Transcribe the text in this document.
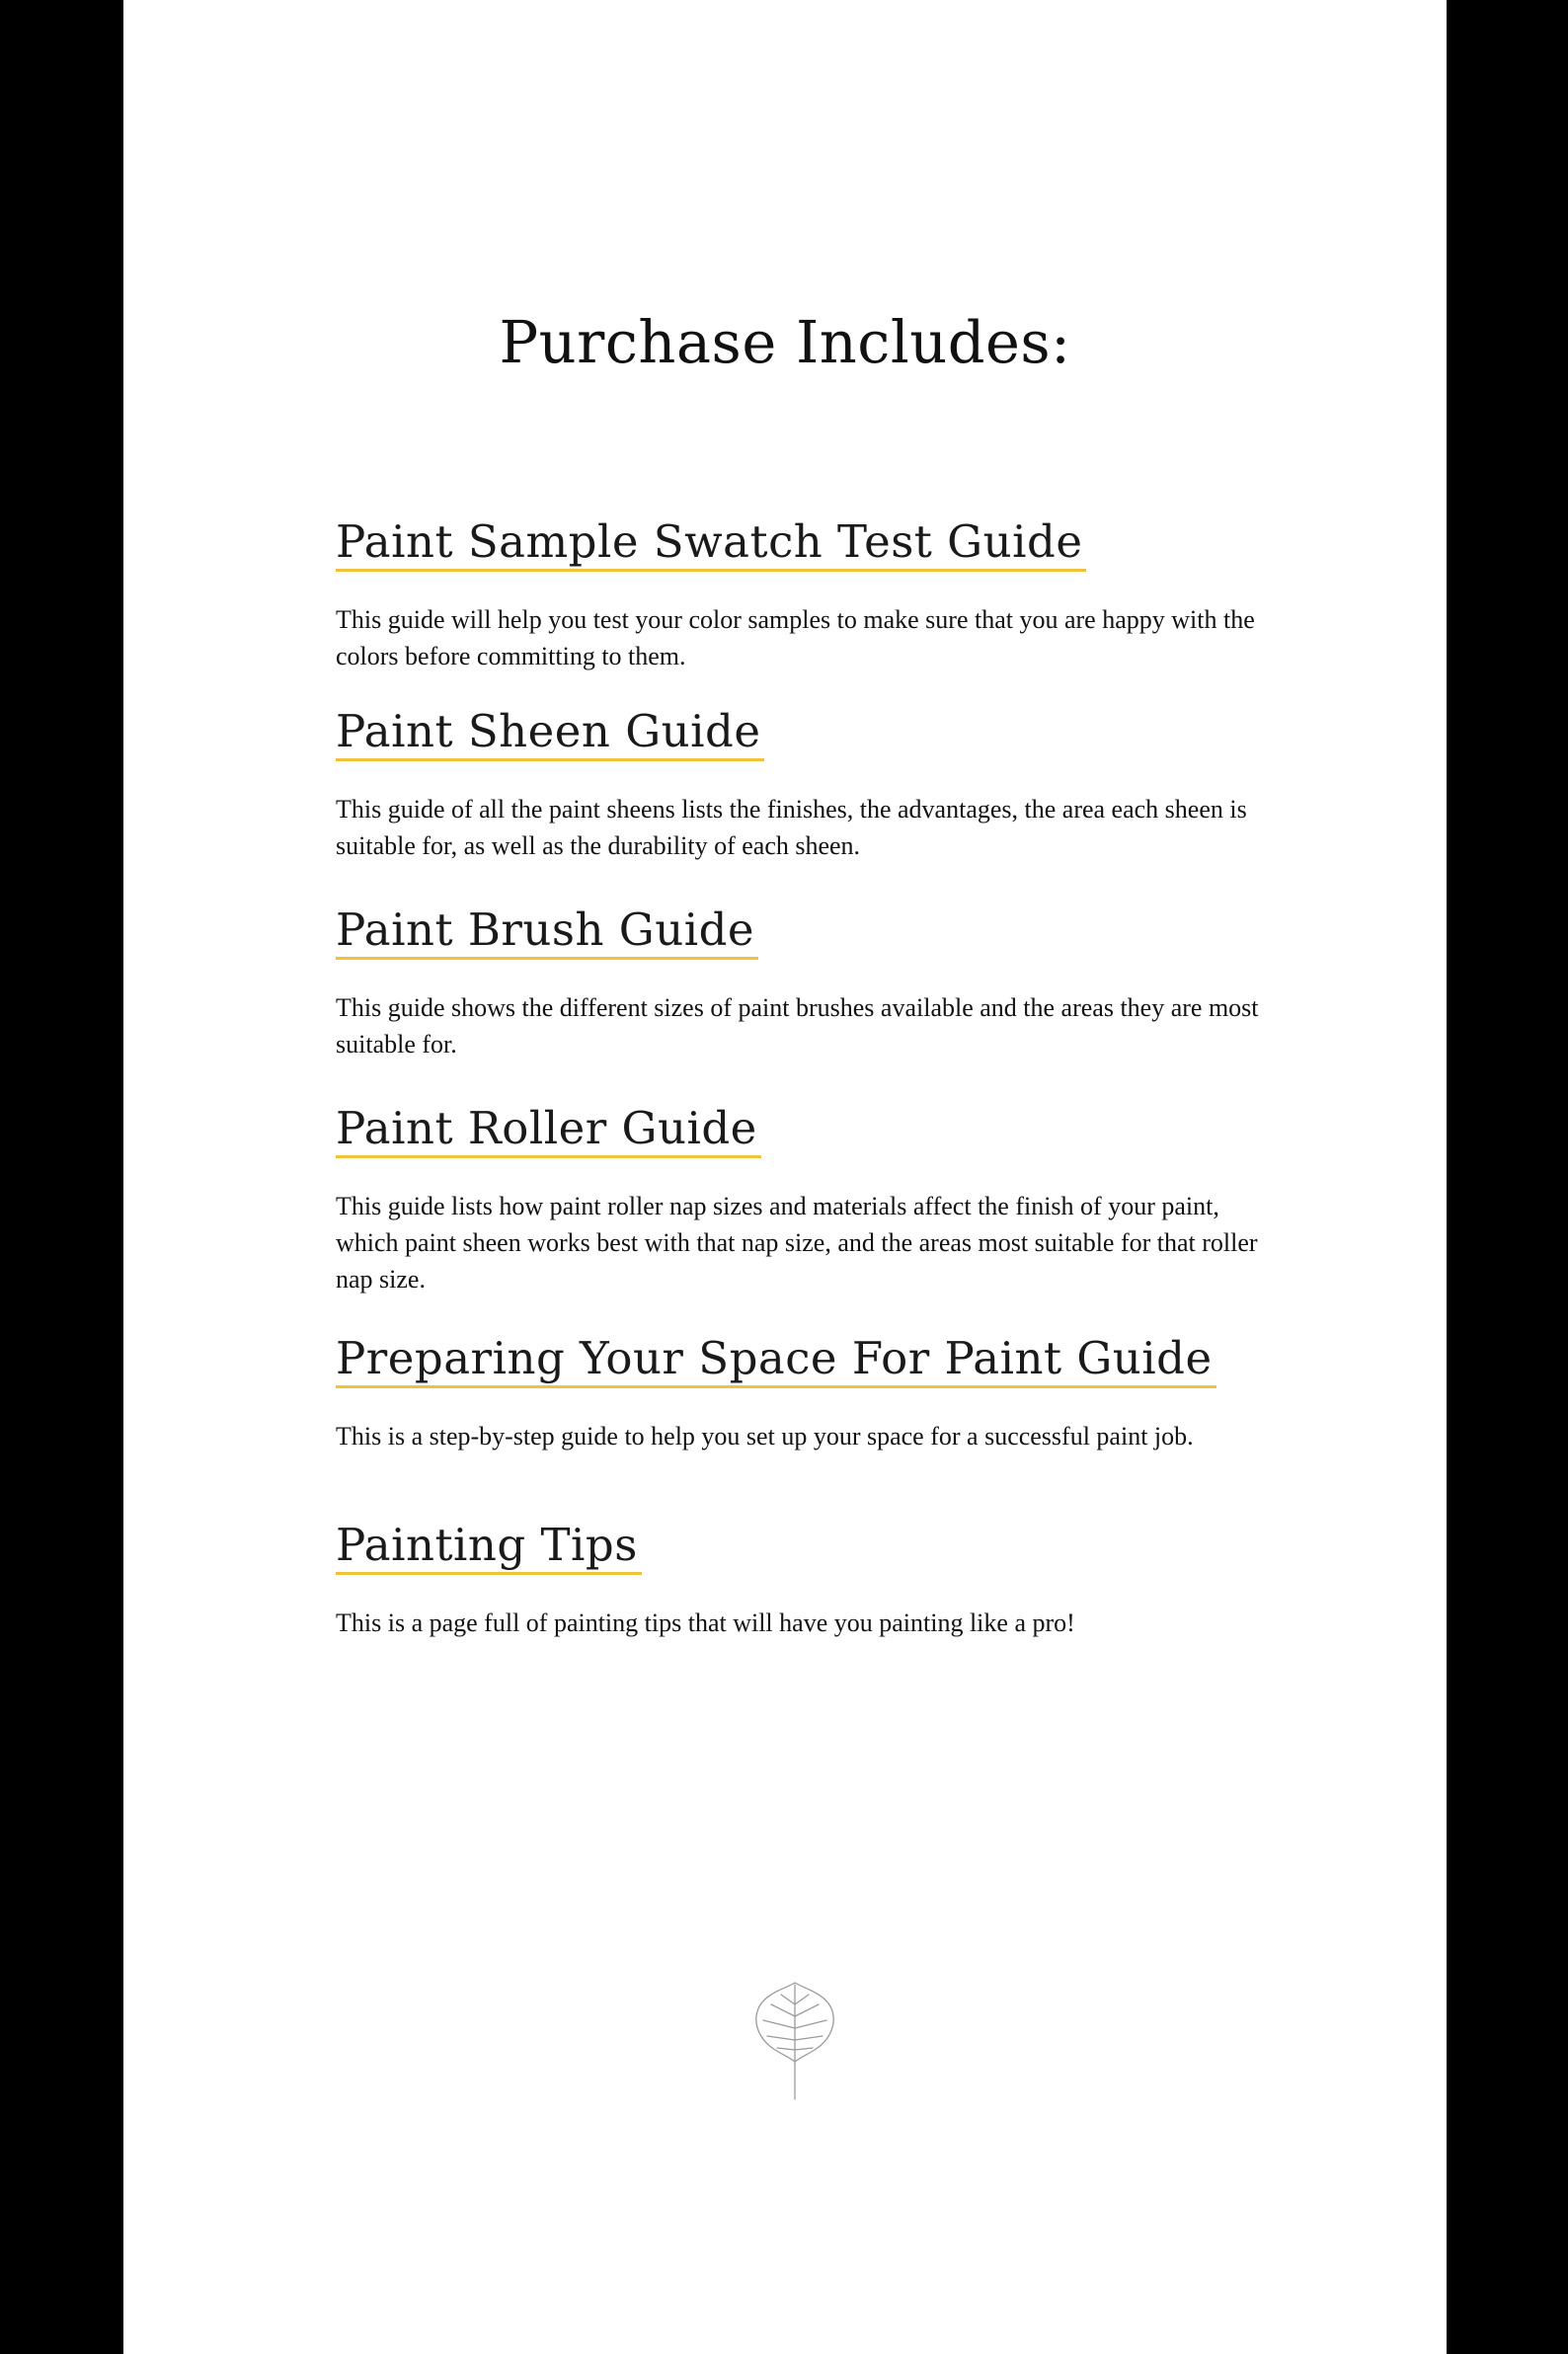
Purchase Includes:
Paint Sample Swatch Test Guide
This guide will help you test your color samples to make sure that you are happy with the colors before committing to them.
Paint Sheen Guide
This guide of all the paint sheens lists the finishes, the advantages, the area each sheen is suitable for, as well as the durability of each sheen.
Paint Brush Guide
This guide shows the different sizes of paint brushes available and the areas they are most suitable for.
Paint Roller Guide
This guide lists how paint roller nap sizes and materials affect the finish of your paint, which paint sheen works best with that nap size, and the areas most suitable for that roller nap size.
Preparing Your Space For Paint Guide
This is a step-by-step guide to help you set up your space for a successful paint job.
Painting Tips
This is a page full of painting tips that will have you painting like a pro!
